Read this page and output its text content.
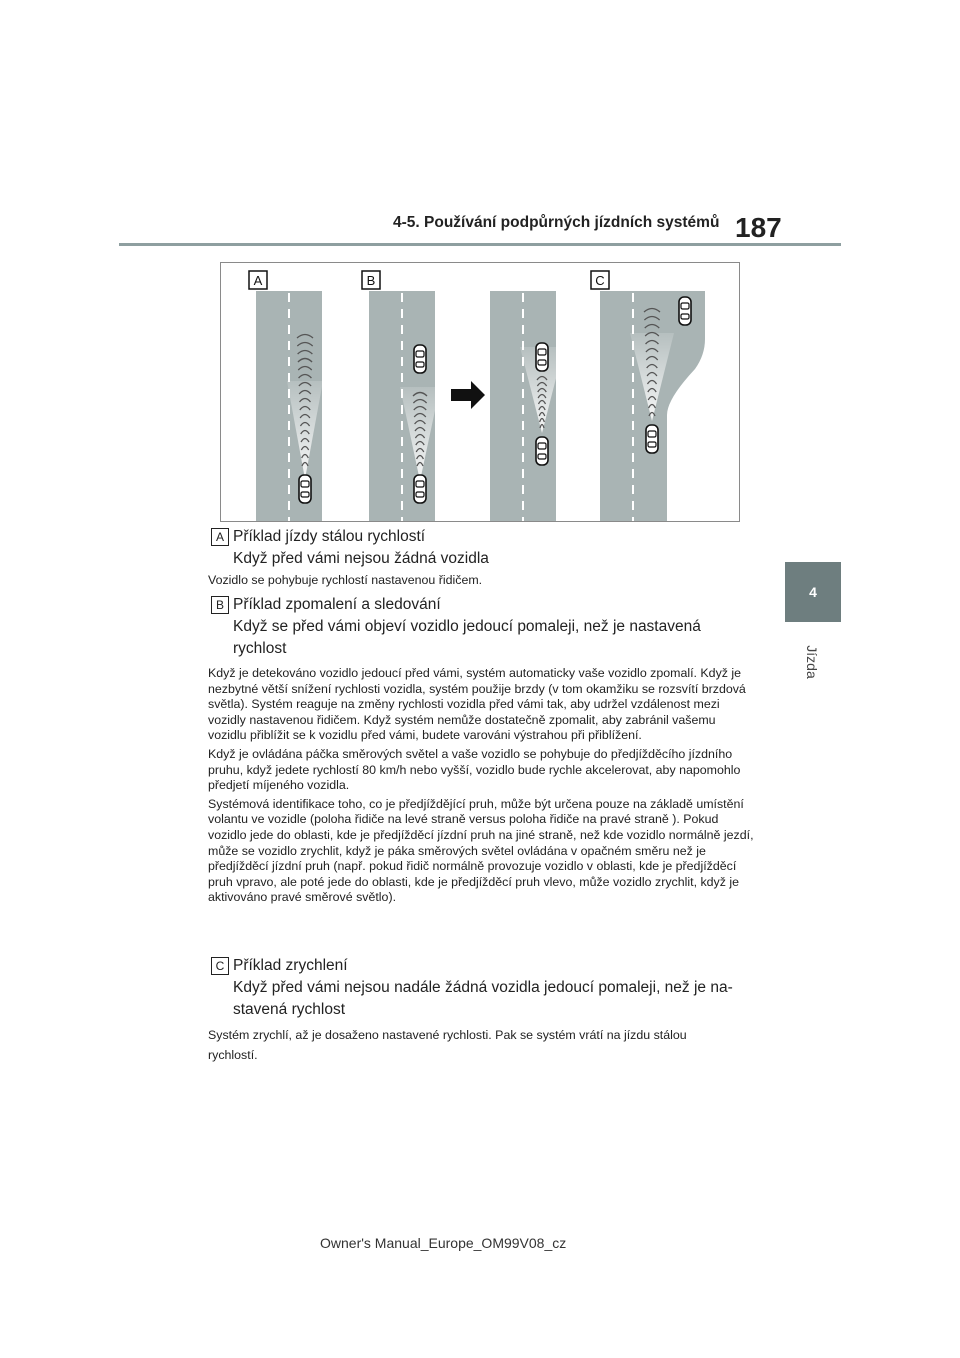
4-5. Používání podpůrných jízdních systémů 187
4
Jízda
A	B	C
A Příklad jízdy stálou rychlostí
Když před vámi nejsou žádná vozidla

Vozidlo se pohybuje rychlostí nastavenou řidičem.

B Příklad zpomalení a sledování
Když se před vámi objeví vozidlo jedoucí pomaleji, než je nastavená
rychlost

Když je detekováno vozidlo jedoucí před vámi, systém automaticky vaše vozidlo zpomalí. Když je nezbytné větší snížení rychlosti vozidla, systém použije brzdy (v tom okamžiku se rozsvítí brzdová světla). Systém reaguje na změny rychlosti vozidla před vámi tak, aby udržel vzdálenost mezi vozidly nastavenou řidičem. Když systém nemůže dostatečně zpomalit, aby zabránil vašemu vozidlu přiblížit se k vozidlu před vámi, budete varováni výstrahou při přiblížení.

Když je ovládána páčka směrových světel a vaše vozidlo se pohybuje do předjížděcího jízdního pruhu, když jedete rychlostí 80 km/h nebo vyšší, vozidlo bude rychle akcelerovat, aby napomohlo předjetí míjeného vozidla.

Systémová identifikace toho, co je předjíždějící pruh, může být určena pouze na základě umístění volantu ve vozidle (poloha řidiče na levé straně versus poloha řidiče na pravé straně ). Pokud vozidlo jede do oblasti, kde je předjížděcí jízdní pruh na jiné straně, než kde vozidlo normálně jezdí, může se vozidlo zrychlit, když je páka směrových světel ovládána v opačném směru než je předjížděcí jízdní pruh (např. pokud řidič normálně provozuje vozidlo v oblasti, kde je předjížděcí pruh vpravo, ale poté jede do oblasti, kde je předjížděcí pruh vlevo, může vozidlo zrychlit, když je aktivováno pravé směrové světlo).

C Příklad zrychlení
Když před vámi nejsou nadále žádná vozidla jedoucí pomaleji, než je na-
stavená rychlost

Systém zrychlí, až je dosaženo nastavené rychlosti. Pak se systém vrátí na jízdu stálou rychlostí.

Owner's Manual_Europe_OM99V08_cz
